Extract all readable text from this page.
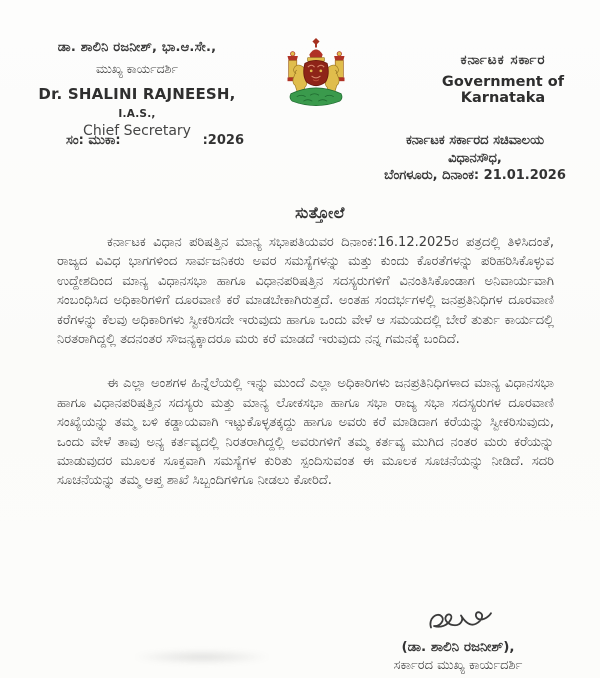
ಡಾ. ಶಾಲಿನಿ ರಜನೀಶ್, ಭಾ.ಆ.ಸೇ.,
ಮುಖ್ಯ ಕಾರ್ಯದರ್ಶಿ
Dr. SHALINI RAJNEESH, I.A.S.,
Chief Secretary
ಸಂ: ಮುಕಾ:	:2026
ಕರ್ನಾಟಕ ಸರ್ಕಾರ
Government of Karnataka
ಕರ್ನಾಟಕ ಸರ್ಕಾರದ ಸಚಿವಾಲಯ
ವಿಧಾನಸೌಧ,
ಬೆಂಗಳೂರು, ದಿನಾಂಕ: 21.01.2026
ಸುತ್ತೋಲೆ

ಕರ್ನಾಟಕ ವಿಧಾನ ಪರಿಷತ್ತಿನ ಮಾನ್ಯ ಸಭಾಪತಿಯವರ ದಿನಾಂಕ:16.12.2025ರ ಪತ್ರದಲ್ಲಿ ತಿಳಿಸಿದಂತೆ, ರಾಜ್ಯದ ವಿವಿಧ ಭಾಗಗಳಿಂದ ಸಾರ್ವಜನಿಕರು ಅವರ ಸಮಸ್ಯೆಗಳನ್ನು ಮತ್ತು ಕುಂದು ಕೊರತೆಗಳನ್ನು ಪರಿಹರಿಸಿಕೊಳ್ಳುವ ಉದ್ದೇಶದಿಂದ ಮಾನ್ಯ ವಿಧಾನಸಭಾ ಹಾಗೂ ವಿಧಾನಪರಿಷತ್ತಿನ ಸದಸ್ಯರುಗಳಿಗೆ ವಿನಂತಿಸಿಕೊಂಡಾಗ ಅನಿವಾರ್ಯವಾಗಿ ಸಂಬಂಧಿಸಿದ ಅಧಿಕಾರಿಗಳಿಗೆ ದೂರವಾಣಿ ಕರೆ ಮಾಡಬೇಕಾಗಿರುತ್ತದೆ. ಅಂತಹ ಸಂದರ್ಭಗಳಲ್ಲಿ ಜನಪ್ರತಿನಿಧಿಗಳ ದೂರವಾಣಿ ಕರೆಗಳನ್ನು ಕೆಲವು ಅಧಿಕಾರಿಗಳು ಸ್ವೀಕರಿಸದೇ ಇರುವುದು ಹಾಗೂ ಒಂದು ವೇಳೆ ಆ ಸಮಯದಲ್ಲಿ ಬೇರೆ ತುರ್ತು ಕಾರ್ಯದಲ್ಲಿ ನಿರತರಾಗಿದ್ದಲ್ಲಿ ತದನಂತರ ಸೌಜನ್ಯಕ್ಕಾದರೂ ಮರು ಕರೆ ಮಾಡದೆ ಇರುವುದು ನನ್ನ ಗಮನಕ್ಕೆ ಬಂದಿದೆ.

ಈ ಎಲ್ಲಾ ಅಂಶಗಳ ಹಿನ್ನೆಲೆಯಲ್ಲಿ ಇನ್ನು ಮುಂದೆ ಎಲ್ಲಾ ಅಧಿಕಾರಿಗಳು ಜನಪ್ರತಿನಿಧಿಗಳಾದ ಮಾನ್ಯ ವಿಧಾನಸಭಾ ಹಾಗೂ ವಿಧಾನಪರಿಷತ್ತಿನ ಸದಸ್ಯರು ಮತ್ತು ಮಾನ್ಯ ಲೋಕಸಭಾ ಹಾಗೂ ಸಭಾ ರಾಜ್ಯ ಸಭಾ ಸದಸ್ಯರುಗಳ ದೂರವಾಣಿ ಸಂಖ್ಯೆಯನ್ನು ತಮ್ಮ ಬಳಿ ಕಡ್ಡಾಯವಾಗಿ ಇಟ್ಟುಕೊಳ್ಳತಕ್ಕದ್ದು ಹಾಗೂ ಅವರು ಕರೆ ಮಾಡಿದಾಗ ಕರೆಯನ್ನು ಸ್ವೀಕರಿಸುವುದು, ಒಂದು ವೇಳೆ ತಾವು ಅನ್ಯ ಕರ್ತವ್ಯದಲ್ಲಿ ನಿರತರಾಗಿದ್ದಲ್ಲಿ ಅವರುಗಳಿಗೆ ತಮ್ಮ ಕರ್ತವ್ಯ ಮುಗಿದ ನಂತರ ಮರು ಕರೆಯನ್ನು ಮಾಡುವುದರ ಮೂಲಕ ಸೂಕ್ತವಾಗಿ ಸಮಸ್ಯೆಗಳ ಕುರಿತು ಸ್ಪಂದಿಸುವಂತ ಈ ಮೂಲಕ ಸೂಚನೆಯನ್ನು ನೀಡಿದೆ. ಸದರಿ ಸೂಚನೆಯನ್ನು ತಮ್ಮ ಆಪ್ತ ಶಾಖೆ ಸಿಬ್ಬಂದಿಗಳಿಗೂ ನೀಡಲು ಕೋರಿದೆ.

(ಡಾ. ಶಾಲಿನಿ ರಜನೀಶ್),
ಸರ್ಕಾರದ ಮುಖ್ಯ ಕಾರ್ಯದರ್ಶಿ
